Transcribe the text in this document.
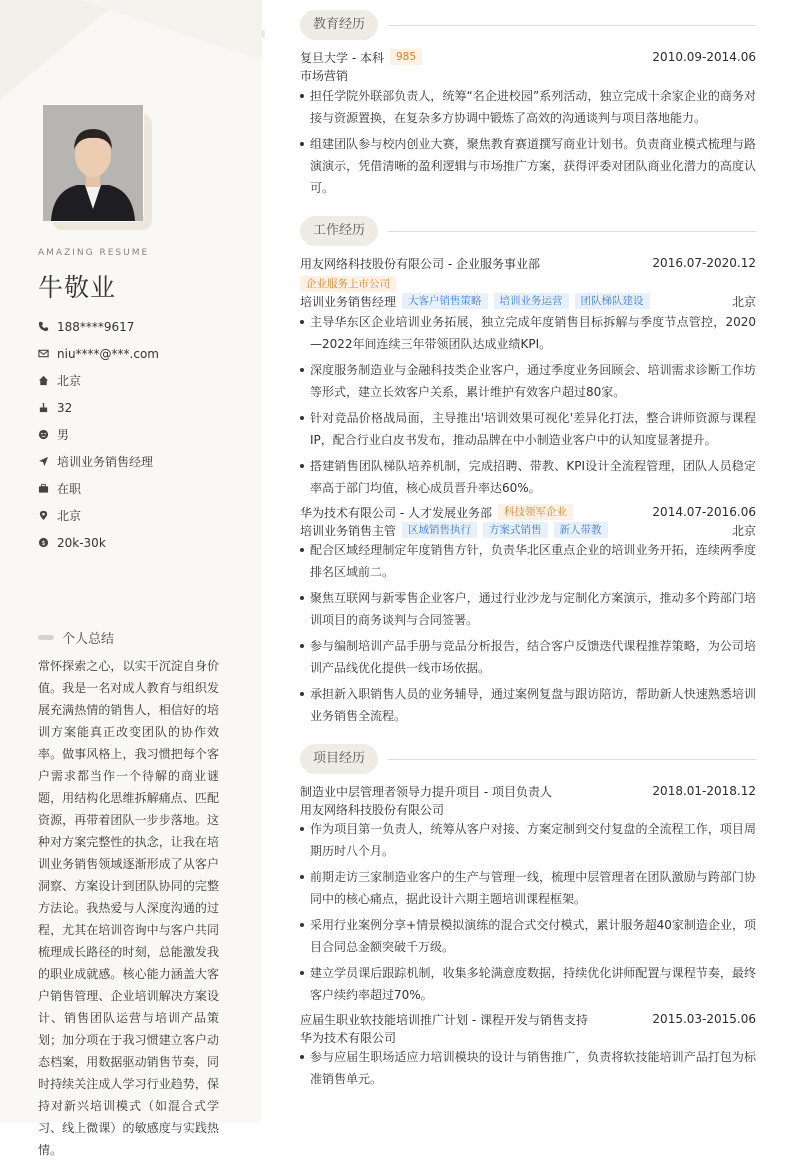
AMAZING RESUME
牛敬业
188****9617
niu****@***.com
北京
32
男
培训业务销售经理
在职
北京
$ 20k-30k
个人总结
常怀探索之心，以实干沉淀自身价值。我是一名对成人教育与组织发展充满热情的销售人，相信好的培训方案能真正改变团队的协作效率。做事风格上，我习惯把每个客户需求都当作一个待解的商业谜题，用结构化思维拆解痛点、匹配资源，再带着团队一步步落地。这种对方案完整性的执念，让我在培训业务销售领域逐渐形成了从客户洞察、方案设计到团队协同的完整方法论。我热爱与人深度沟通的过程，尤其在培训咨询中与客户共同梳理成长路径的时刻，总能激发我的职业成就感。核心能力涵盖大客户销售管理、企业培训解决方案设计、销售团队运营与培训产品策划；加分项在于我习惯建立客户动态档案，用数据驱动销售节奏，同时持续关注成人学习行业趋势，保持对新兴培训模式（如混合式学习、线上微课）的敏感度与实践热情。
教育经历
复旦大学 - 本科	985	2010.09-2014.06
市场营销
担任学院外联部负责人，统筹“名企进校园”系列活动，独立完成十余家企业的商务对接与资源置换，在复杂多方协调中锻炼了高效的沟通谈判与项目落地能力。
组建团队参与校内创业大赛，聚焦教育赛道撰写商业计划书。负责商业模式梳理与路演演示，凭借清晰的盈利逻辑与市场推广方案，获得评委对团队商业化潜力的高度认可。
工作经历
用友网络科技股份有限公司 - 企业服务事业部	2016.07-2020.12
企业服务上市公司
培训业务销售经理	大客户销售策略	培训业务运营	团队梯队建设	北京
主导华东区企业培训业务拓展，独立完成年度销售目标拆解与季度节点管控，2020—2022年间连续三年带领团队达成业绩KPI。
深度服务制造业与金融科技类企业客户，通过季度业务回顾会、培训需求诊断工作坊等形式，建立长效客户关系，累计维护有效客户超过80家。
针对竞品价格战局面，主导推出'培训效果可视化'差异化打法，整合讲师资源与课程IP，配合行业白皮书发布，推动品牌在中小制造业客户中的认知度显著提升。
搭建销售团队梯队培养机制，完成招聘、带教、KPI设计全流程管理，团队人员稳定率高于部门均值，核心成员晋升率达60%。
华为技术有限公司 - 人才发展业务部	科技领军企业	2014.07-2016.06
培训业务销售主管	区域销售执行	方案式销售	新人带教	北京
配合区域经理制定年度销售方针，负责华北区重点企业的培训业务开拓，连续两季度排名区域前二。
聚焦互联网与新零售企业客户，通过行业沙龙与定制化方案演示，推动多个跨部门培训项目的商务谈判与合同签署。
参与编制培训产品手册与竞品分析报告，结合客户反馈迭代课程推荐策略，为公司培训产品线优化提供一线市场依据。
承担新入职销售人员的业务辅导，通过案例复盘与跟访陪访，帮助新人快速熟悉培训业务销售全流程。
项目经历
制造业中层管理者领导力提升项目 - 项目负责人	2018.01-2018.12
用友网络科技股份有限公司
作为项目第一负责人，统筹从客户对接、方案定制到交付复盘的全流程工作，项目周期历时八个月。
前期走访三家制造业客户的生产与管理一线，梳理中层管理者在团队激励与跨部门协同中的核心痛点，据此设计六期主题培训课程框架。
采用行业案例分享+情景模拟演练的混合式交付模式，累计服务超40家制造企业，项目合同总金额突破千万级。
建立学员课后跟踪机制，收集多轮满意度数据，持续优化讲师配置与课程节奏，最终客户续约率超过70%。
应届生职业软技能培训推广计划 - 课程开发与销售支持	2015.03-2015.06
华为技术有限公司
参与应届生职场适应力培训模块的设计与销售推广，负责将软技能培训产品打包为标准销售单元。
